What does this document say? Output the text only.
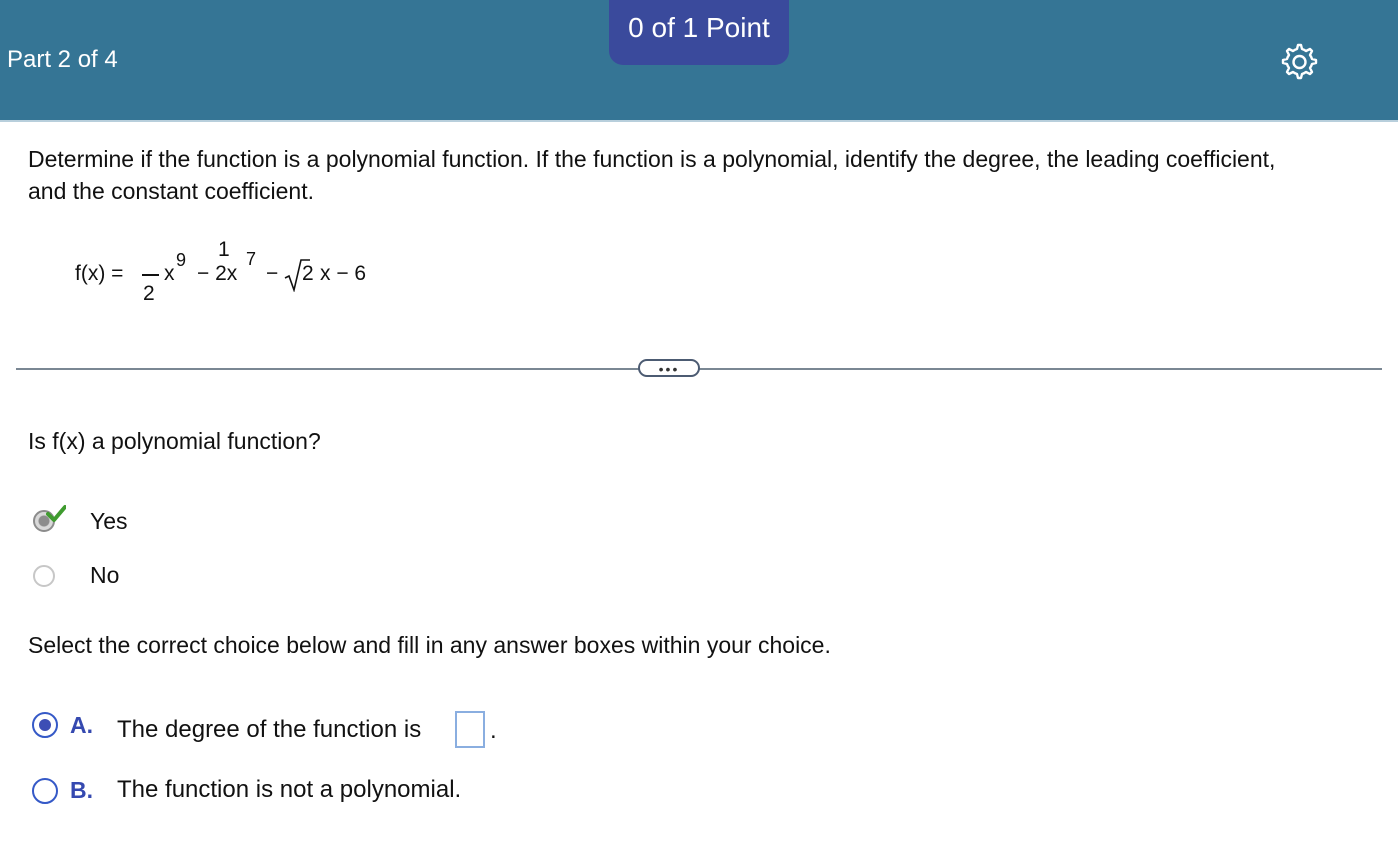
Part 2 of 4
0 of 1 Point
Determine if the function is a polynomial function. If the function is a polynomial, identify the degree, the leading coefficient, and the constant coefficient.
f(x) =
1
2
x
9
− 2x
7
− 2 x − 6
•••
Is f(x) a polynomial function?
Yes
No
Select the correct choice below and fill in any answer boxes within your choice.
A. The degree of the function is	.
B. The function is not a polynomial.
